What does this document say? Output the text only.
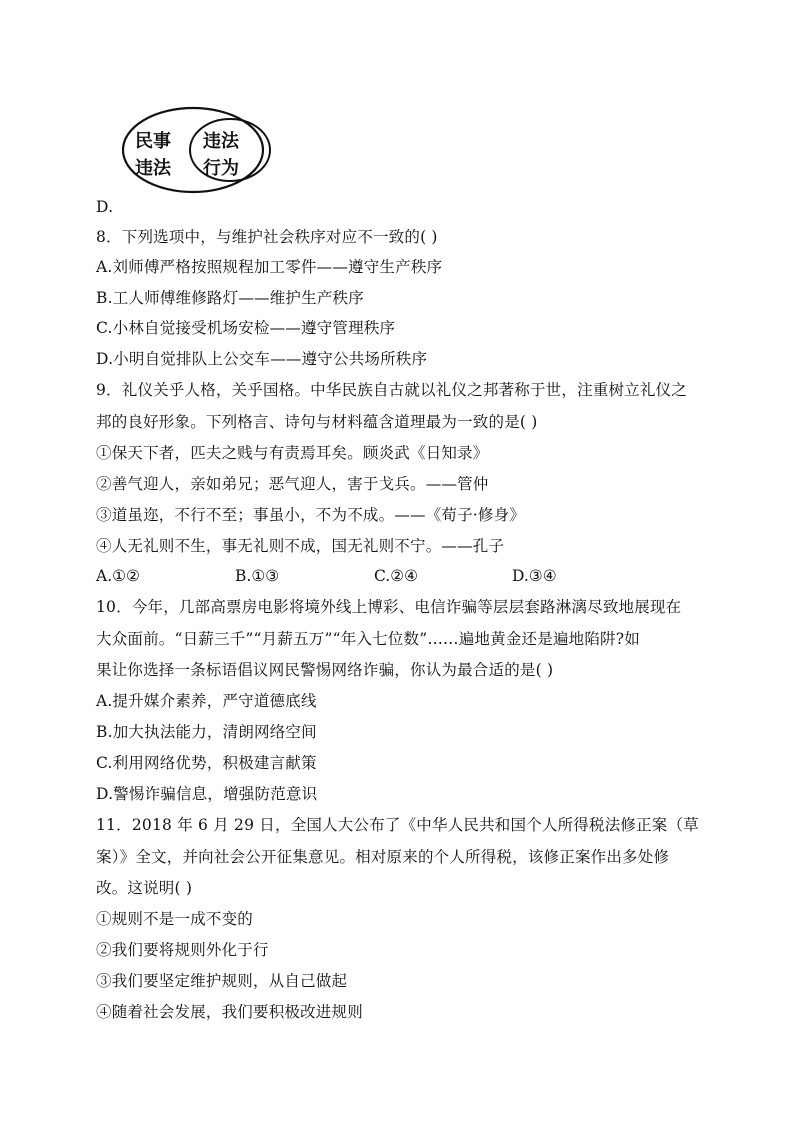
民事
违法
违法
行为
D.
8．下列选项中，与维护社会秩序对应不一致的( )
A.刘师傅严格按照规程加工零件——遵守生产秩序
B.工人师傅维修路灯——维护生产秩序
C.小林自觉接受机场安检——遵守管理秩序
D.小明自觉排队上公交车——遵守公共场所秩序
9．礼仪关乎人格，关乎国格。中华民族自古就以礼仪之邦著称于世，注重树立礼仪之
邦的良好形象。下列格言、诗句与材料蕴含道理最为一致的是( )
①保天下者，匹夫之贱与有责焉耳矣。顾炎武《日知录》
②善气迎人，亲如弟兄；恶气迎人，害于戈兵。——管仲
③道虽迩，不行不至；事虽小，不为不成。——《荀子·修身》
④人无礼则不生，事无礼则不成，国无礼则不宁。——孔子
A.①②	B.①③	C.②④	D.③④
10．今年，几部高票房电影将境外线上博彩、电信诈骗等层层套路淋漓尽致地展现在
大众面前。“日薪三千”“月薪五万”“年入七位数”……遍地黄金还是遍地陷阱?如
果让你选择一条标语倡议网民警惕网络诈骗，你认为最合适的是( )
A.提升媒介素养，严守道德底线
B.加大执法能力，清朗网络空间
C.利用网络优势，积极建言献策
D.警惕诈骗信息，增强防范意识
11．2018 年 6 月 29 日，全国人大公布了《中华人民共和国个人所得税法修正案（草
案）》全文，并向社会公开征集意见。相对原来的个人所得税，该修正案作出多处修
改。这说明( )
①规则不是一成不变的
②我们要将规则外化于行
③我们要坚定维护规则，从自己做起
④随着社会发展，我们要积极改进规则
